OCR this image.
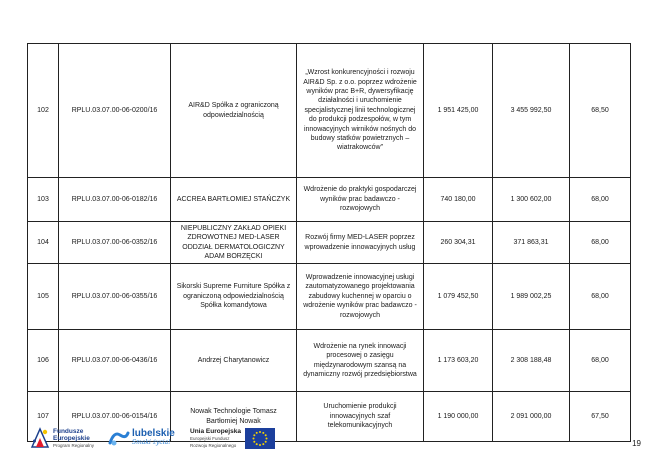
102	RPLU.03.07.00-06-0200/16	AIR&D Spółka z ograniczoną odpowiedzialnością	„Wzrost konkurencyjności i rozwoju AIR&D Sp. z o.o. poprzez wdrożenie wyników prac B+R, dywersyfikację działalności i uruchomienie specjalistycznej linii technologicznej do produkcji podzespołów, w tym innowacyjnych wirników nośnych do budowy statków powietrznych – wiatrakowców”	1 951 425,00	3 455 992,50	68,50
103	RPLU.03.07.00-06-0182/16	ACCREA BARTŁOMIEJ STAŃCZYK	Wdrożenie do praktyki gospodarczej wyników prac badawczo - rozwojowych	740 180,00	1 300 602,00	68,00
104	RPLU.03.07.00-06-0352/16	NIEPUBLICZNY ZAKŁAD OPIEKI ZDROWOTNEJ MED-LASER ODDZIAŁ DERMATOLOGICZNY ADAM BORZĘCKI	Rozwój firmy MED-LASER poprzez wprowadzenie innowacyjnych usług	260 304,31	371 863,31	68,00
105	RPLU.03.07.00-06-0355/16	Sikorski Supreme Furniture Spółka z ograniczoną odpowiedzialnością Spółka komandytowa	Wprowadzenie innowacyjnej usługi zautomatyzowanego projektowania zabudowy kuchennej w oparciu o wdrożenie wyników prac badawczo - rozwojowych	1 079 452,50	1 989 002,25	68,00
106	RPLU.03.07.00-06-0436/16	Andrzej Charytanowicz	Wdrożenie na rynek innowacji procesowej o zasięgu międzynarodowym szansą na dynamiczny rozwój przedsiębiorstwa	1 173 603,20	2 308 188,48	68,00
107	RPLU.03.07.00-06-0154/16	Nowak Technologie Tomasz Bartłomiej Nowak	Uruchomienie produkcji innowacyjnych szaf telekomunikacyjnych	1 190 000,00	2 091 000,00	67,50
Fundusze
Europejskie
Program Regionalny
lubelskie
Smaki życia!
Unia Europejska
Europejski Fundusz
Rozwoju Regionalnego	19
